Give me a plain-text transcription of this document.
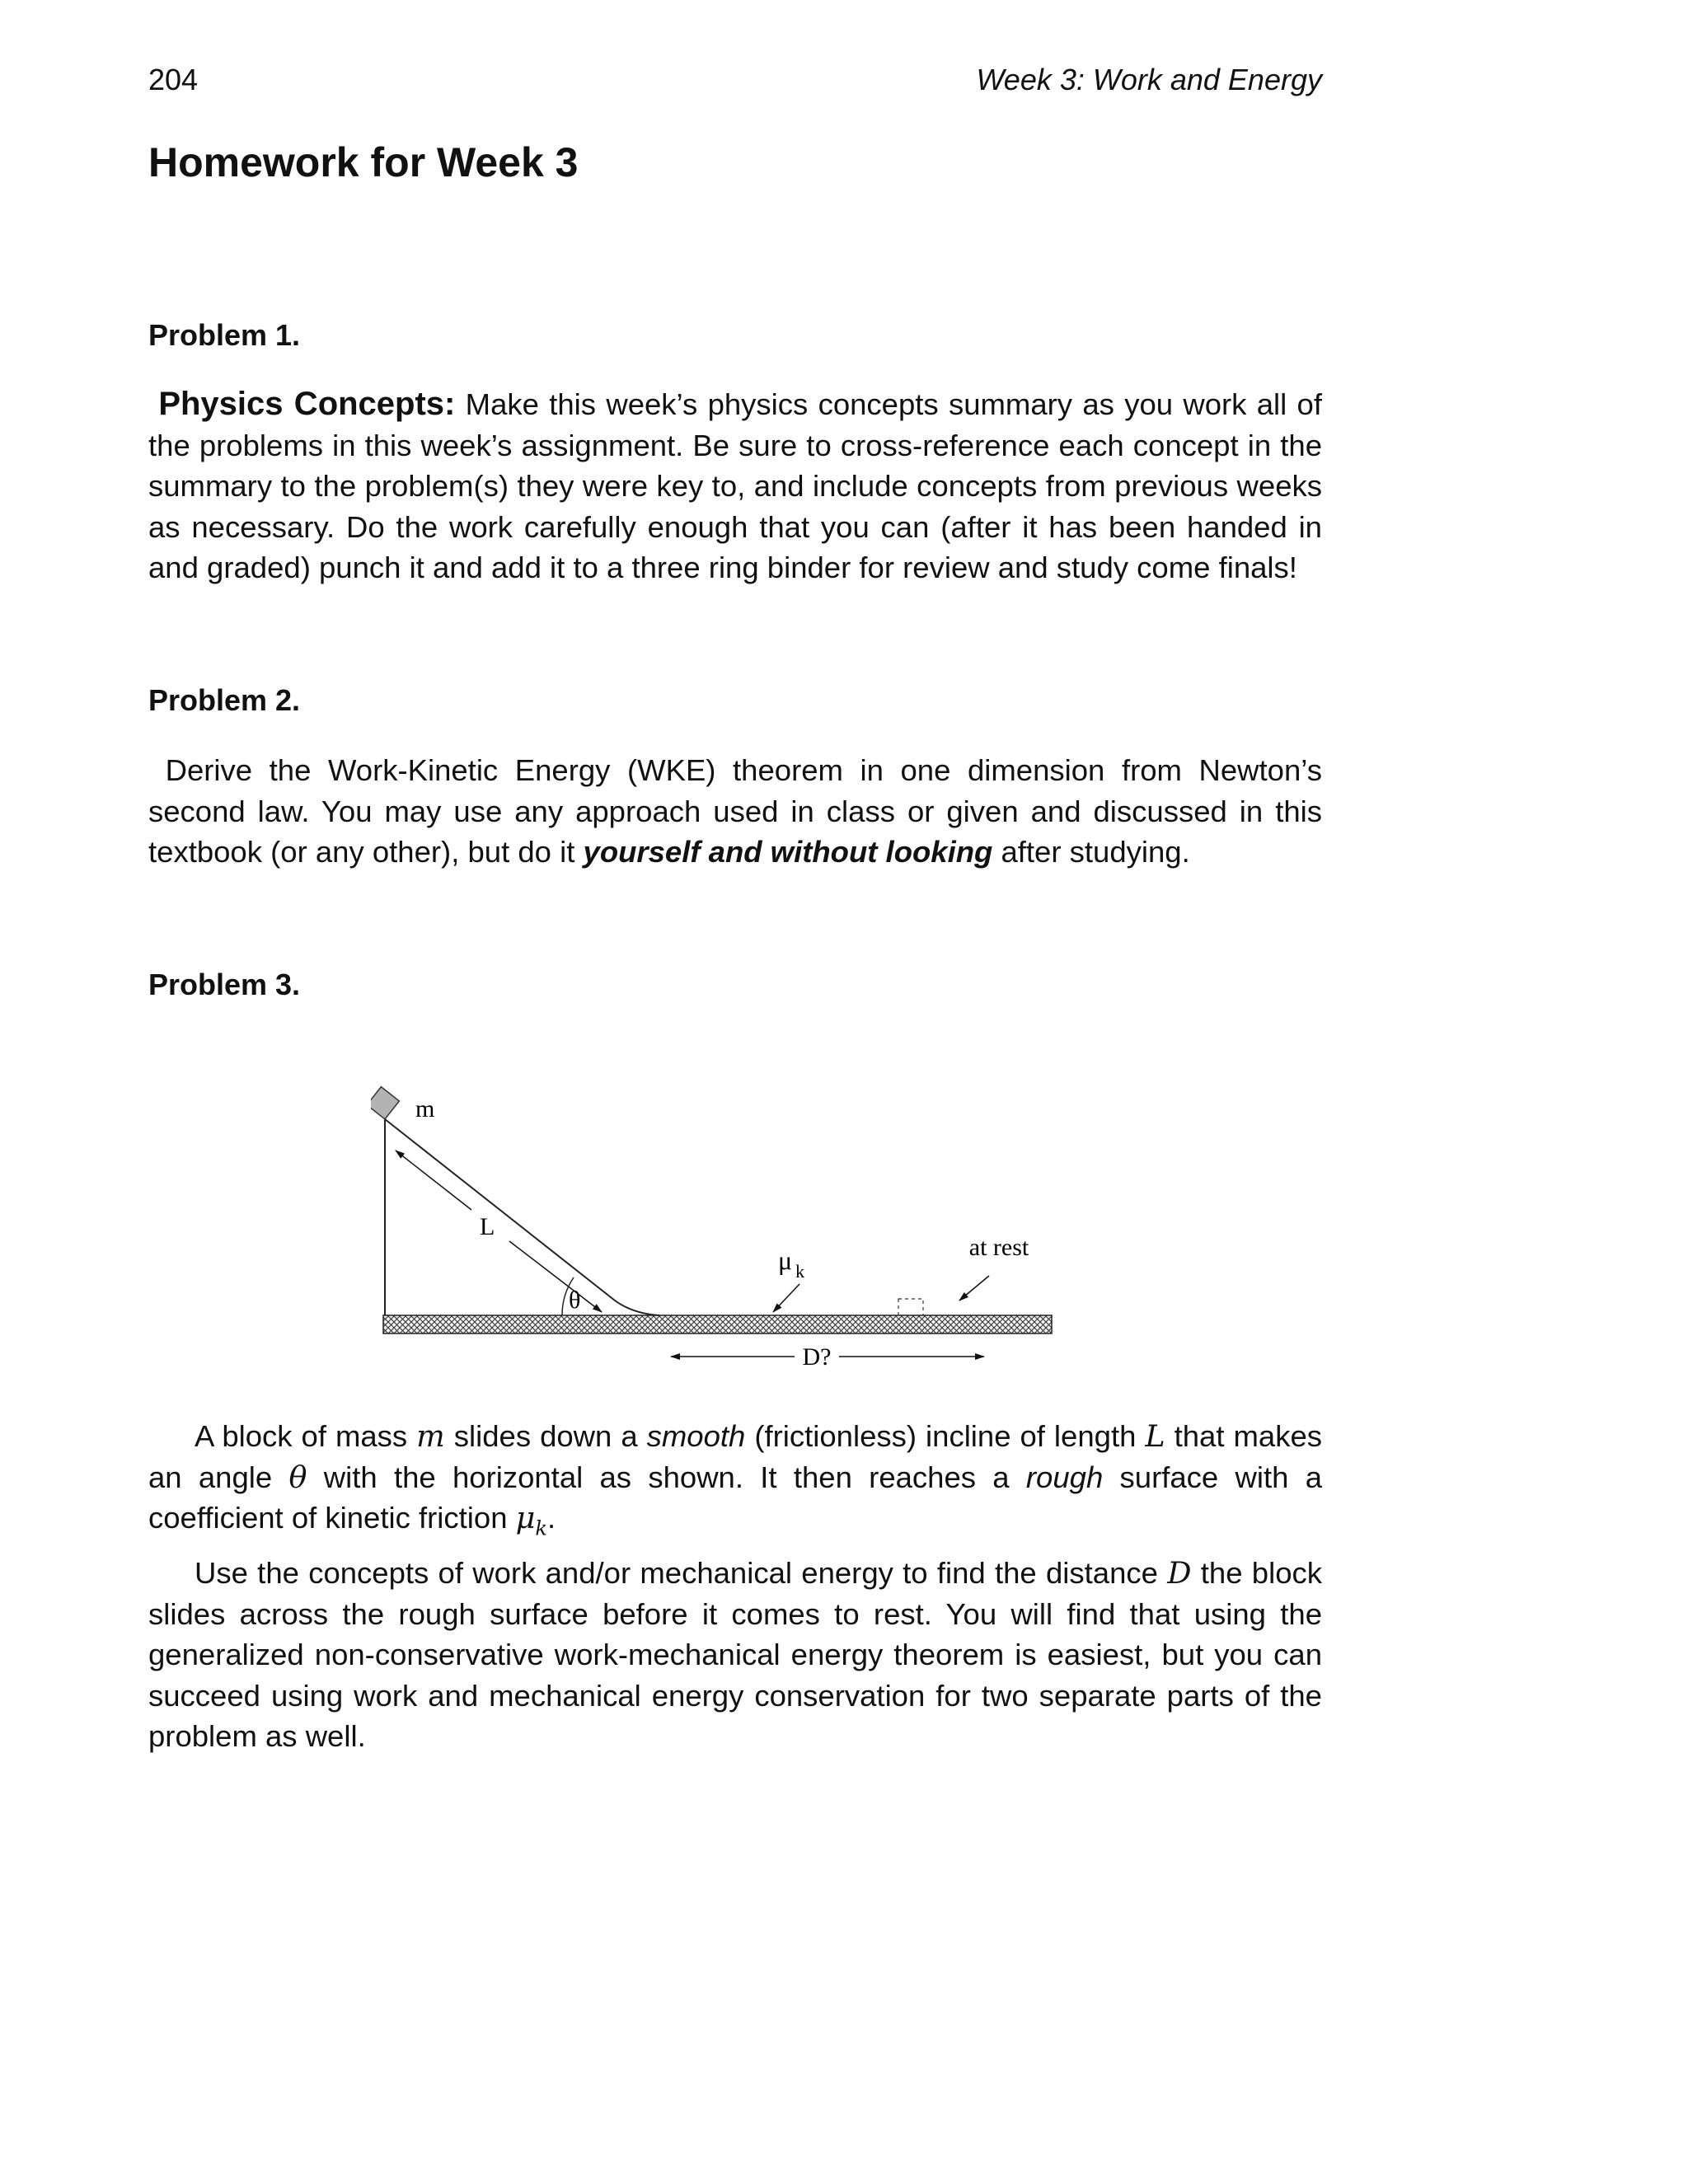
204	Week 3: Work and Energy
Homework for Week 3
Problem 1.

Physics Concepts: Make this week’s physics concepts summary as you work all of the problems in this week’s assignment. Be sure to cross-reference each concept in the summary to the problem(s) they were key to, and include concepts from previous weeks as necessary. Do the work carefully enough that you can (after it has been handed in and graded) punch it and add it to a three ring binder for review and study come finals!

Problem 2.

Derive the Work-Kinetic Energy (WKE) theorem in one dimension from Newton’s second law. You may use any approach used in class or given and discussed in this textbook (or any other), but do it yourself and without looking after studying.

Problem 3.
m
L
θ
μ $_k$
at rest
D?

A block of mass m slides down a smooth (frictionless) incline of length L that makes an angle θ with the horizontal as shown. It then reaches a rough surface with a coefficient of kinetic friction $\mu_k$.

Use the concepts of work and/or mechanical energy to find the distance D the block slides across the rough surface before it comes to rest. You will find that using the generalized non-conservative work-mechanical energy theorem is easiest, but you can succeed using work and mechanical energy conservation for two separate parts of the problem as well.
